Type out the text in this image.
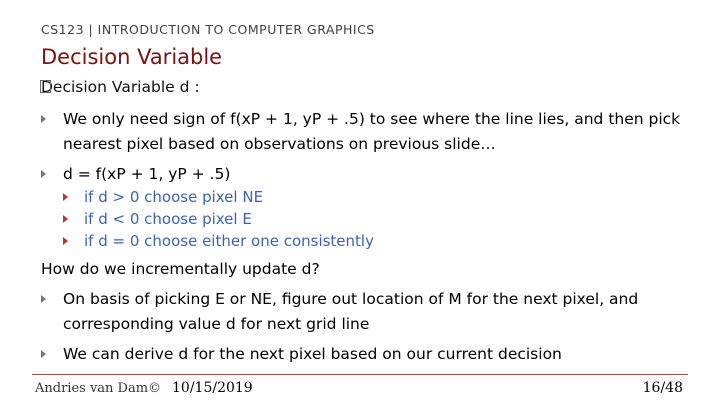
CS123 | INTRODUCTION TO COMPUTER GRAPHICS
Decision Variable
Decision Variable d :
We only need sign of f(xP + 1, yP + .5) to see where the line lies, and then pick
nearest pixel based on observations on previous slide…
d = f(xP + 1, yP + .5)
if d > 0 choose pixel NE
if d < 0 choose pixel E
if d = 0 choose either one consistently
How do we incrementally update d?
On basis of picking E or NE, figure out location of M for the next pixel, and
corresponding value d for next grid line
We can derive d for the next pixel based on our current decision
Andries van Dam© 10/15/2019	16/48
